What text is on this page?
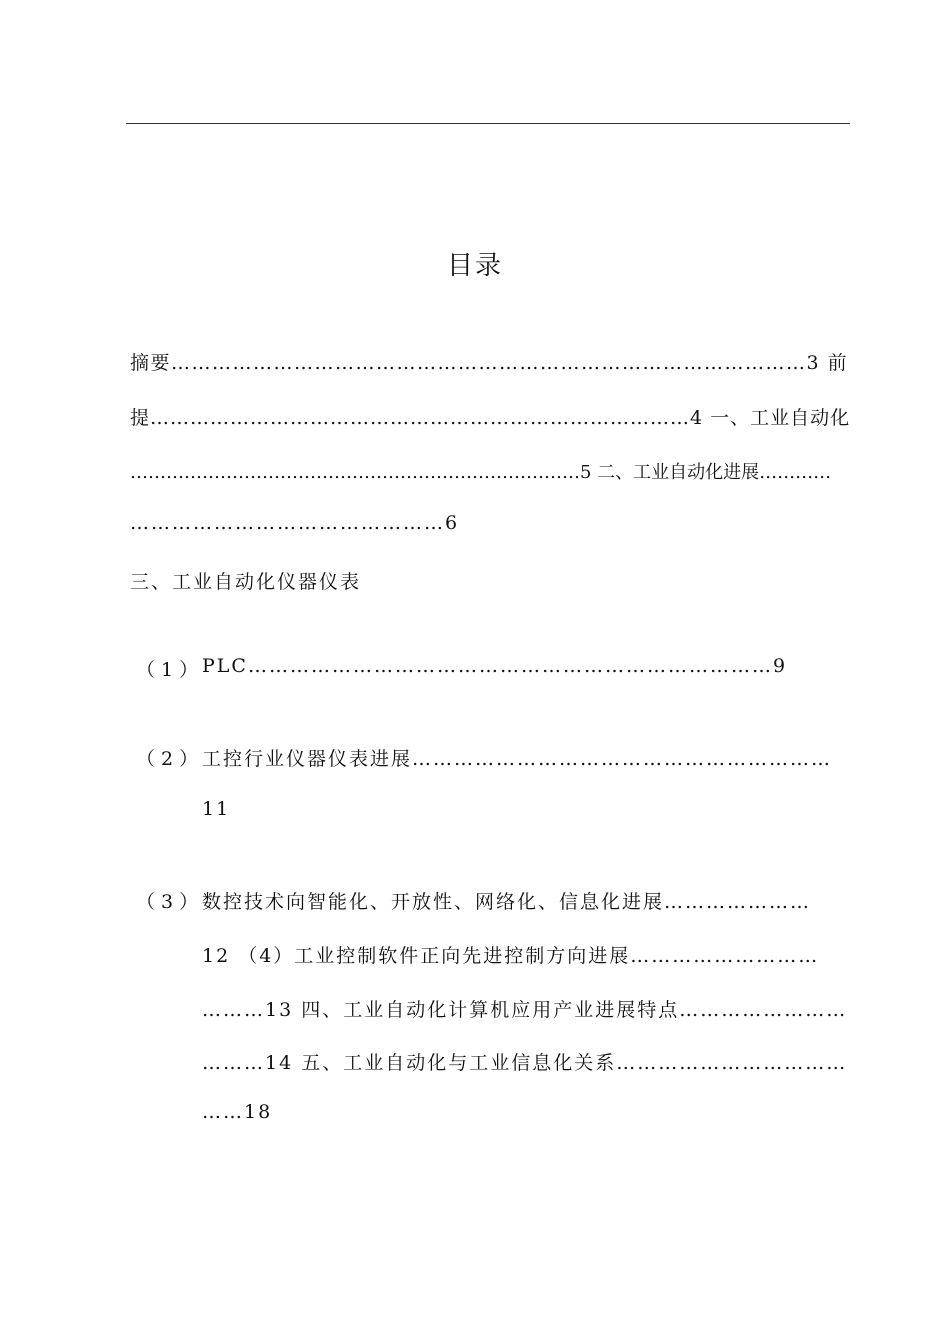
目录
摘要…………………………………………………………………………………3 前
提………………………………………………………………………4 一、工业自动化
…………………………………………………………………5 二、工业自动化进展…………
………………………………………6
三、工业自动化仪器仪表
（1）
PLC…………………………………………………………………9
（2）
工控行业仪器仪表进展……………………………………………………
11
（3）
数控技术向智能化、开放性、网络化、信息化进展…………………
12 （4）工业控制软件正向先进控制方向进展………………………
………13 四、工业自动化计算机应用产业进展特点……………………
………14 五、工业自动化与工业信息化关系……………………………
……18
